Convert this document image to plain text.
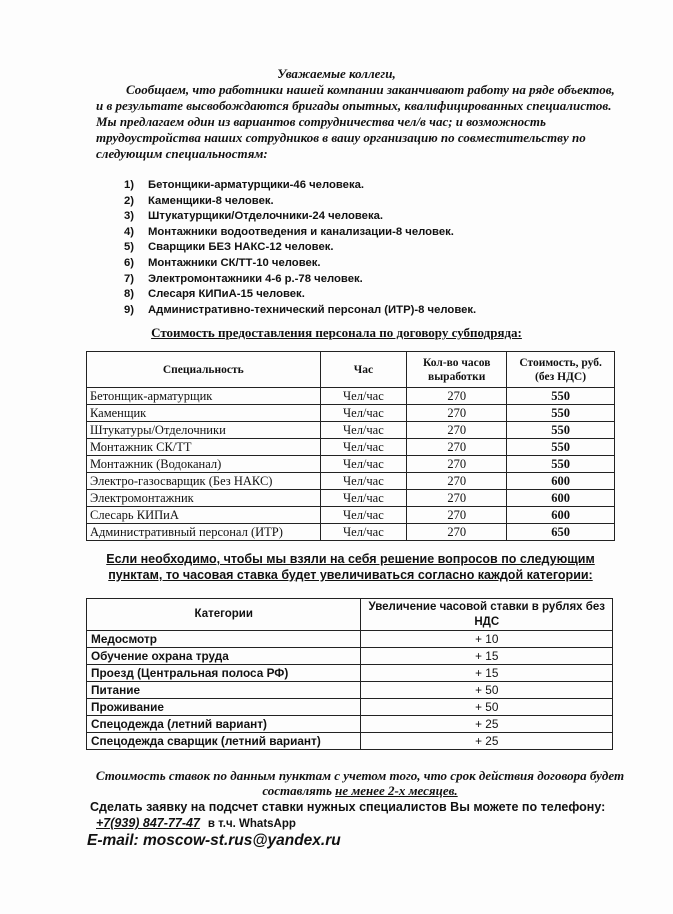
Уважаемые коллеги,

Сообщаем, что работники нашей компании заканчивают работу на ряде объектов, и в результате высвобождаются бригады опытных, квалифицированных специалистов. Мы предлагаем один из вариантов сотрудничества чел/в час; и возможность трудоустройства наших сотрудников в вашу организацию по совместительству по следующим специальностям:

1) Бетонщики-арматурщики-46 человека.
2) Каменщики-8 человек.
3) Штукатурщики/Отделочники-24 человека.
4) Монтажники водоотведения и канализации-8 человек.
5) Сварщики БЕЗ НАКС-12 человек.
6) Монтажники СК/ТТ-10 человек.
7) Электромонтажники 4-6 р.-78 человек.
8) Слесаря КИПиА-15 человек.
9) Административно-технический персонал (ИТР)-8 человек.
Стоимость предоставления персонала по договору субподряда:
Специальность	Час	Кол-во часов выработки	Стоимость, руб. (без НДС)
Бетонщик-арматурщик	Чел/час	270	550
Каменщик	Чел/час	270	550
Штукатуры/Отделочники	Чел/час	270	550
Монтажник СК/ТТ	Чел/час	270	550
Монтажник (Водоканал)	Чел/час	270	550
Электро-газосварщик (Без НАКС)	Чел/час	270	600
Электромонтажник	Чел/час	270	600
Слесарь КИПиА	Чел/час	270	600
Административный персонал (ИТР)	Чел/час	270	650
Если необходимо, чтобы мы взяли на себя решение вопросов по следующим пунктам, то часовая ставка будет увеличиваться согласно каждой категории:
Категории	Увеличение часовой ставки в рублях без НДС
Медосмотр	+ 10
Обучение охрана труда	+ 15
Проезд (Центральная полоса РФ)	+ 15
Питание	+ 50
Проживание	+ 50
Спецодежда (летний вариант)	+ 25
Спецодежда сварщик (летний вариант)	+ 25
Стоимость ставок по данным пунктам с учетом того, что срок действия договора будет составлять не менее 2-х месяцев.
Сделать заявку на подсчет ставки нужных специалистов Вы можете по телефону:
+7(939) 847-77-47 в т.ч. WhatsApp
E-mail: moscow-st.rus@yandex.ru
